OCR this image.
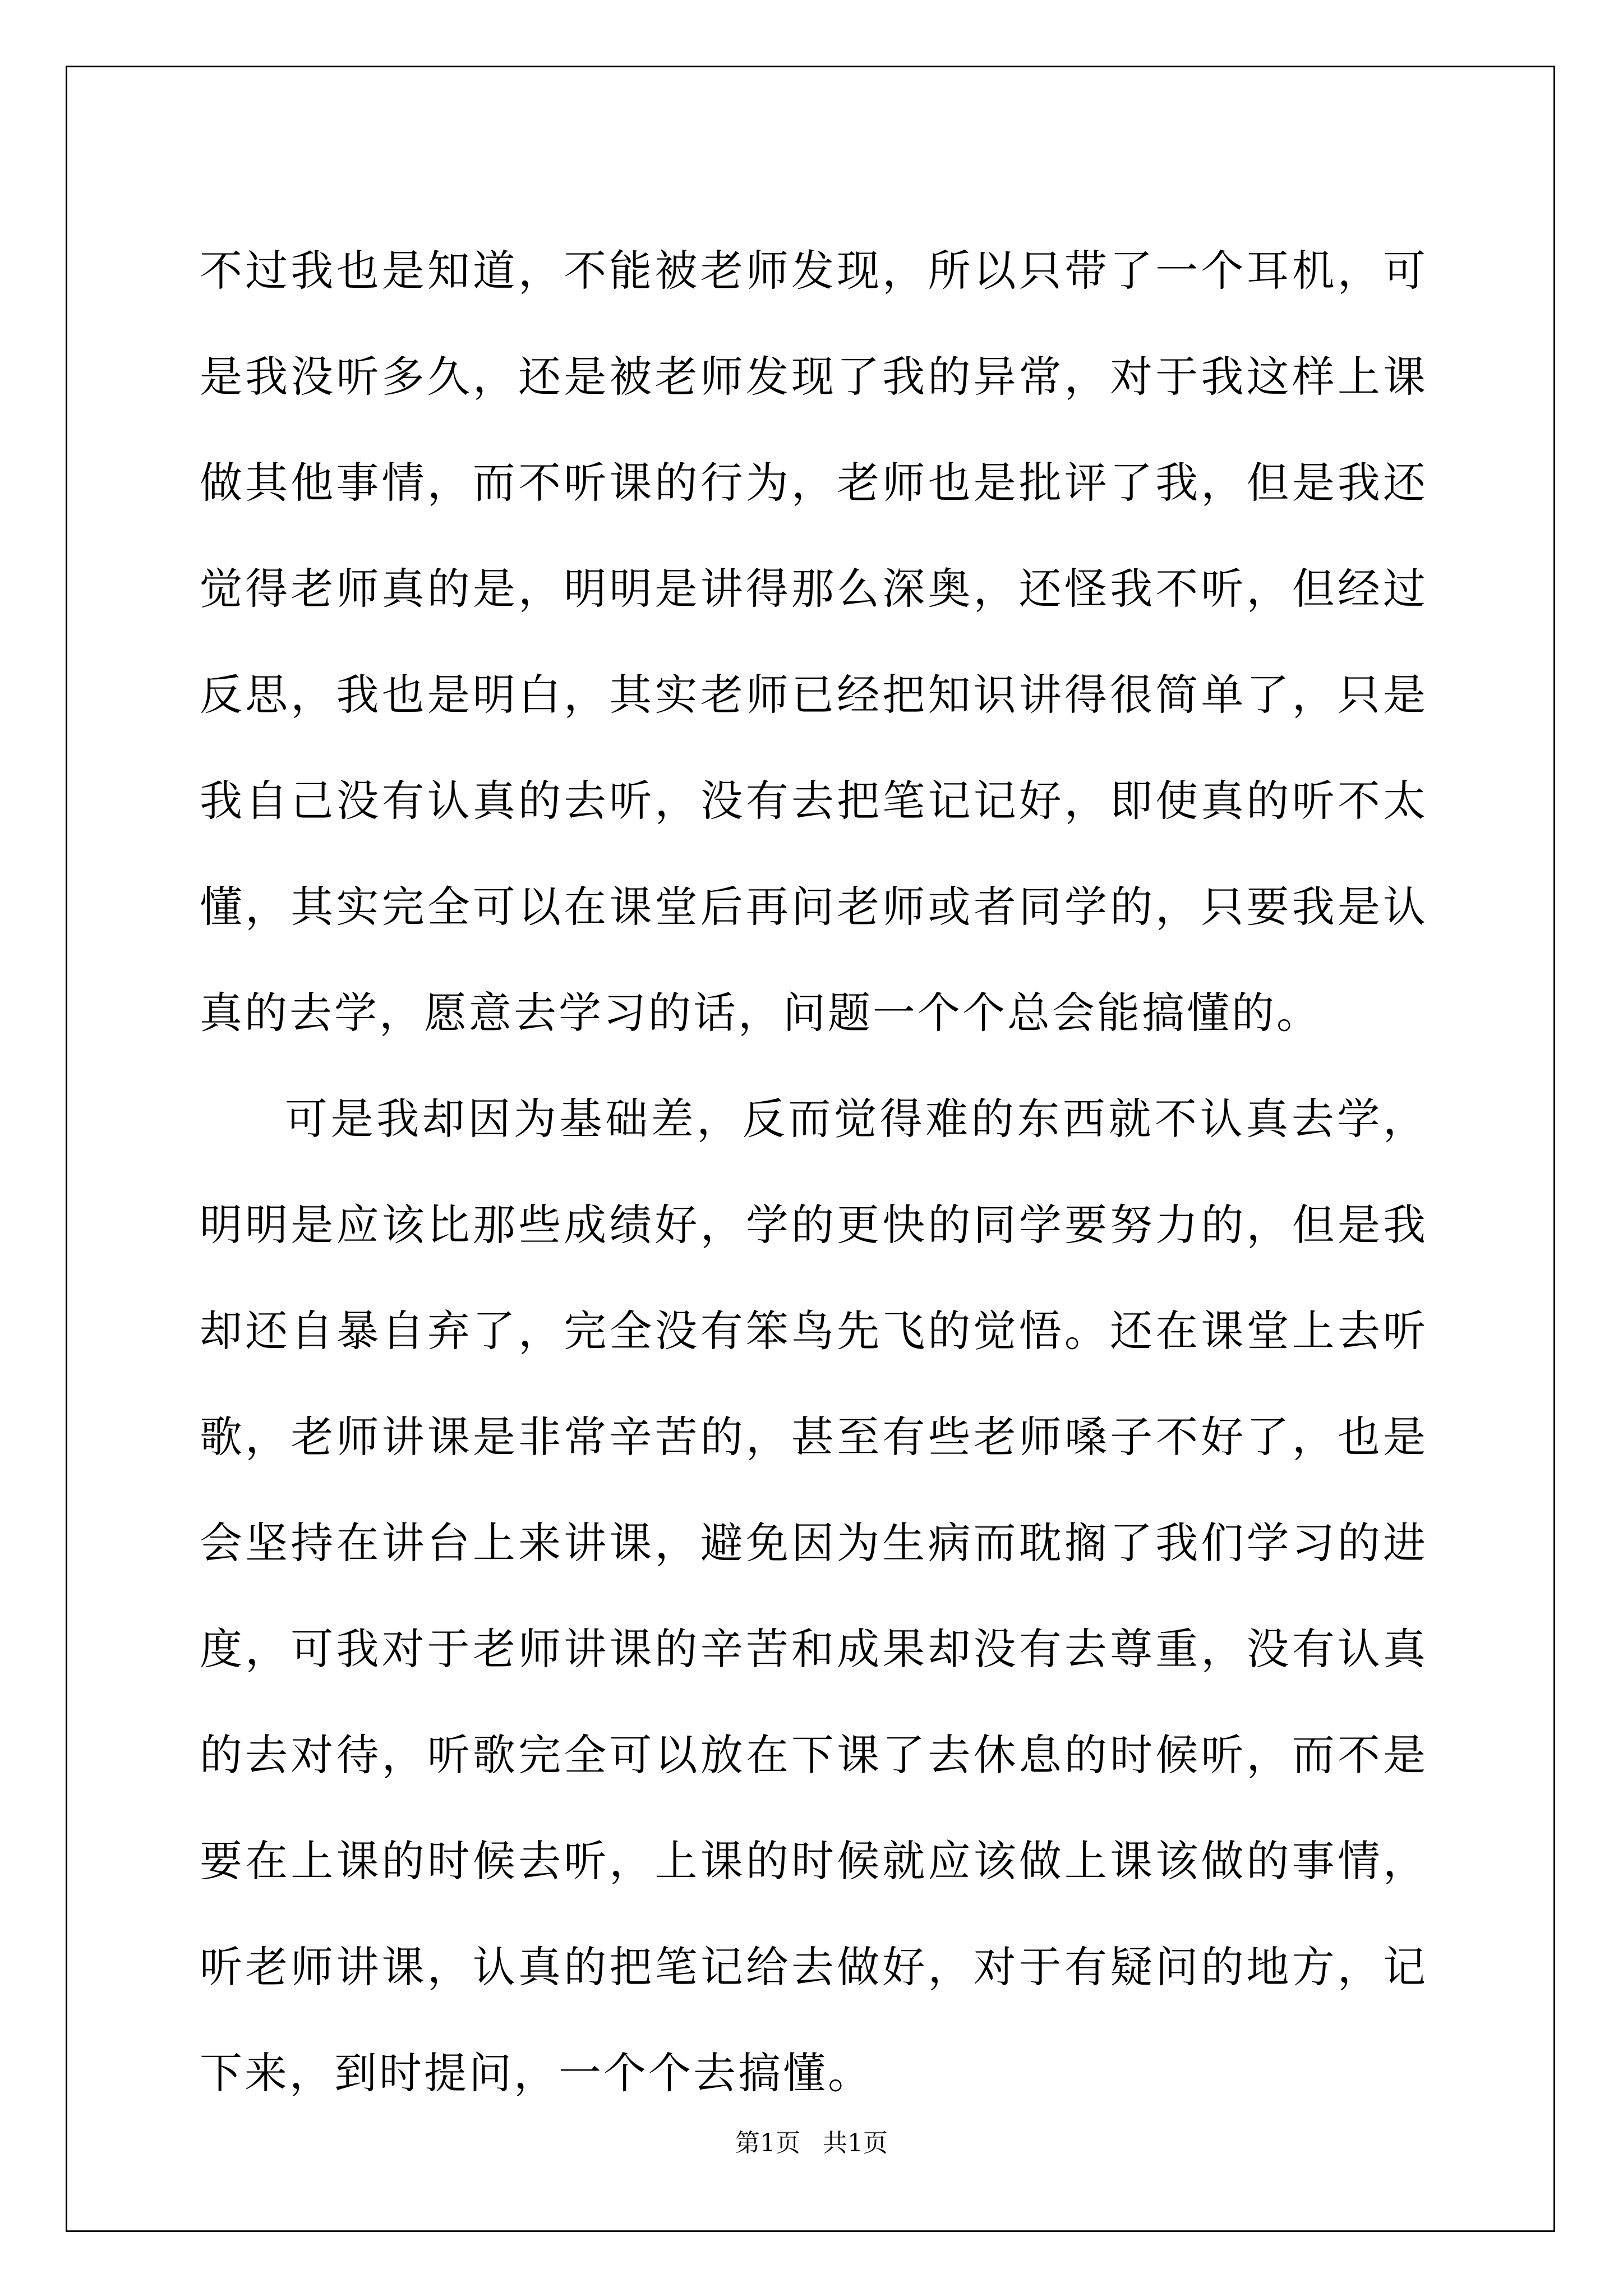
不过我也是知道，不能被老师发现，所以只带了一个耳机，可是我没听多久，还是被老师发现了我的异常，对于我这样上课做其他事情，而不听课的行为，老师也是批评了我，但是我还觉得老师真的是，明明是讲得那么深奥，还怪我不听，但经过反思，我也是明白，其实老师已经把知识讲得很简单了，只是我自己没有认真的去听，没有去把笔记记好，即使真的听不太懂，其实完全可以在课堂后再问老师或者同学的，只要我是认真的去学，愿意去学习的话，问题一个个总会能搞懂的。

可是我却因为基础差，反而觉得难的东西就不认真去学，明明是应该比那些成绩好，学的更快的同学要努力的，但是我却还自暴自弃了，完全没有笨鸟先飞的觉悟。还在课堂上去听歌，老师讲课是非常辛苦的，甚至有些老师嗓子不好了，也是会坚持在讲台上来讲课，避免因为生病而耽搁了我们学习的进度，可我对于老师讲课的辛苦和成果却没有去尊重，没有认真的去对待，听歌完全可以放在下课了去休息的时候听，而不是要在上课的时候去听，上课的时候就应该做上课该做的事情，听老师讲课，认真的把笔记给去做好，对于有疑问的地方，记下来，到时提问，一个个去搞懂。

第1页 共1页
